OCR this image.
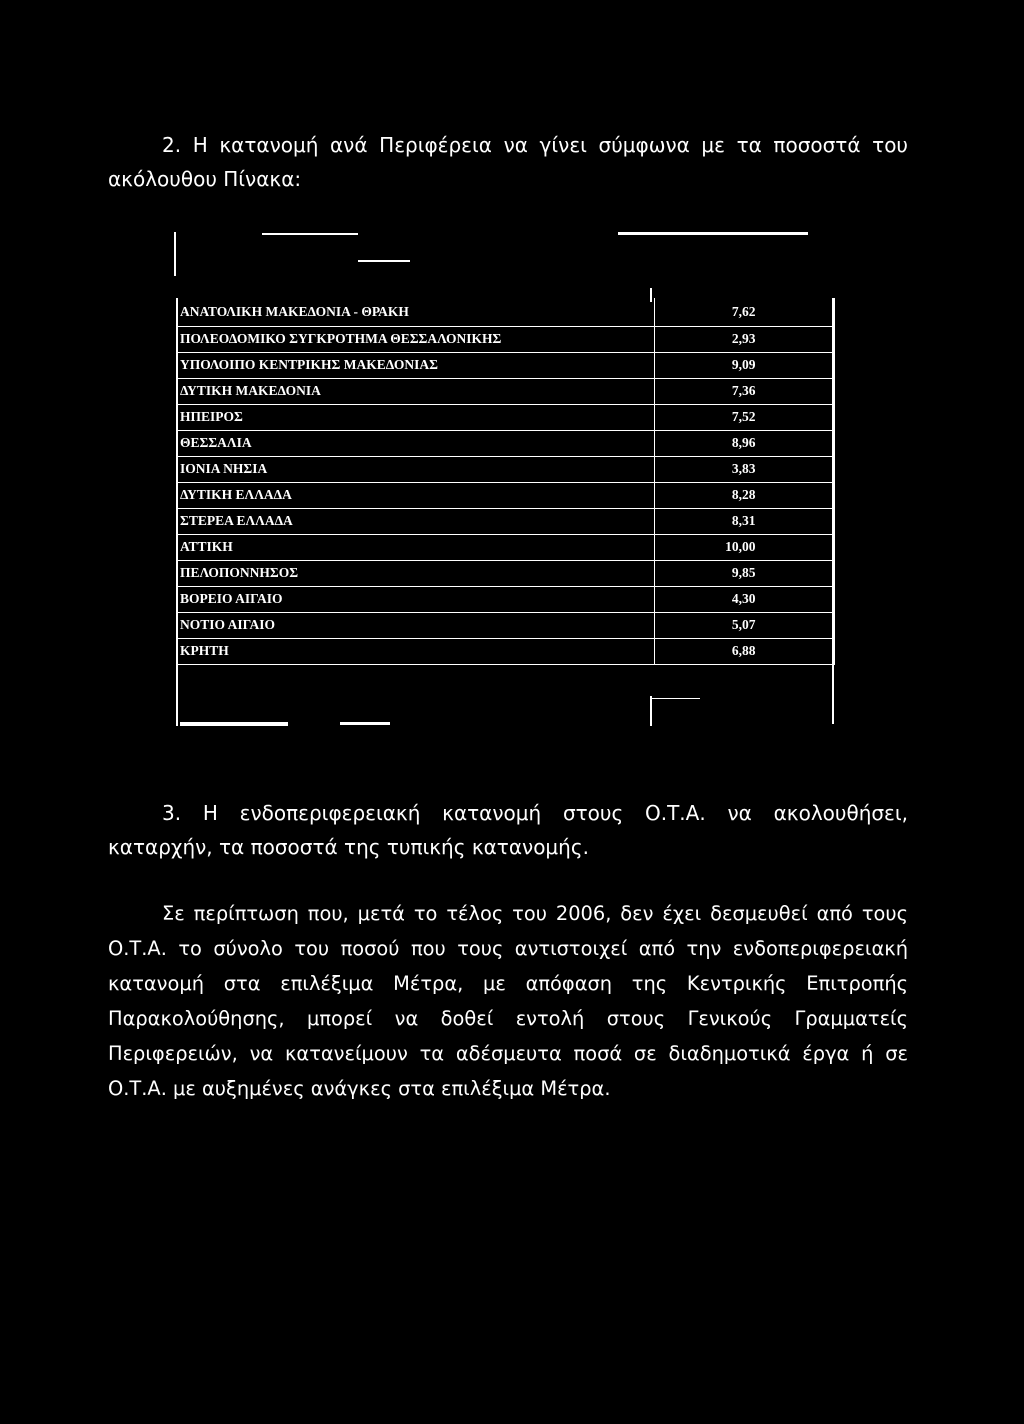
2. Η κατανομή ανά Περιφέρεια να γίνει σύμφωνα με τα ποσοστά του ακόλουθου Πίνακα:

ΑΝΑΤΟΛΙΚΗ ΜΑΚΕΔΟΝΙΑ - ΘΡΑΚΗ	7,62
ΠΟΛΕΟΔΟΜΙΚΟ ΣΥΓΚΡΟΤΗΜΑ ΘΕΣΣΑΛΟΝΙΚΗΣ	2,93
ΥΠΟΛΟΙΠΟ ΚΕΝΤΡΙΚΗΣ ΜΑΚΕΔΟΝΙΑΣ	9,09
ΔΥΤΙΚΗ ΜΑΚΕΔΟΝΙΑ	7,36
ΗΠΕΙΡΟΣ	7,52
ΘΕΣΣΑΛΙΑ	8,96
ΙΟΝΙΑ ΝΗΣΙΑ	3,83
ΔΥΤΙΚΗ ΕΛΛΑΔΑ	8,28
ΣΤΕΡΕΑ ΕΛΛΑΔΑ	8,31
ΑΤΤΙΚΗ	10,00
ΠΕΛΟΠΟΝΝΗΣΟΣ	9,85
ΒΟΡΕΙΟ ΑΙΓΑΙΟ	4,30
ΝΟΤΙΟ ΑΙΓΑΙΟ	5,07
ΚΡΗΤΗ	6,88

3. Η ενδοπεριφερειακή κατανομή στους Ο.Τ.Α. να ακολουθήσει, καταρχήν, τα ποσοστά της τυπικής κατανομής.

Σε περίπτωση που, μετά το τέλος του 2006, δεν έχει δεσμευθεί από τους Ο.Τ.Α. το σύνολο του ποσού που τους αντιστοιχεί από την ενδοπεριφερειακή κατανομή στα επιλέξιμα Μέτρα, με απόφαση της Κεντρικής Επιτροπής Παρακολούθησης, μπορεί να δοθεί εντολή στους Γενικούς Γραμματείς Περιφερειών, να κατανείμουν τα αδέσμευτα ποσά σε διαδημοτικά έργα ή σε Ο.Τ.Α. με αυξημένες ανάγκες στα επιλέξιμα Μέτρα.
